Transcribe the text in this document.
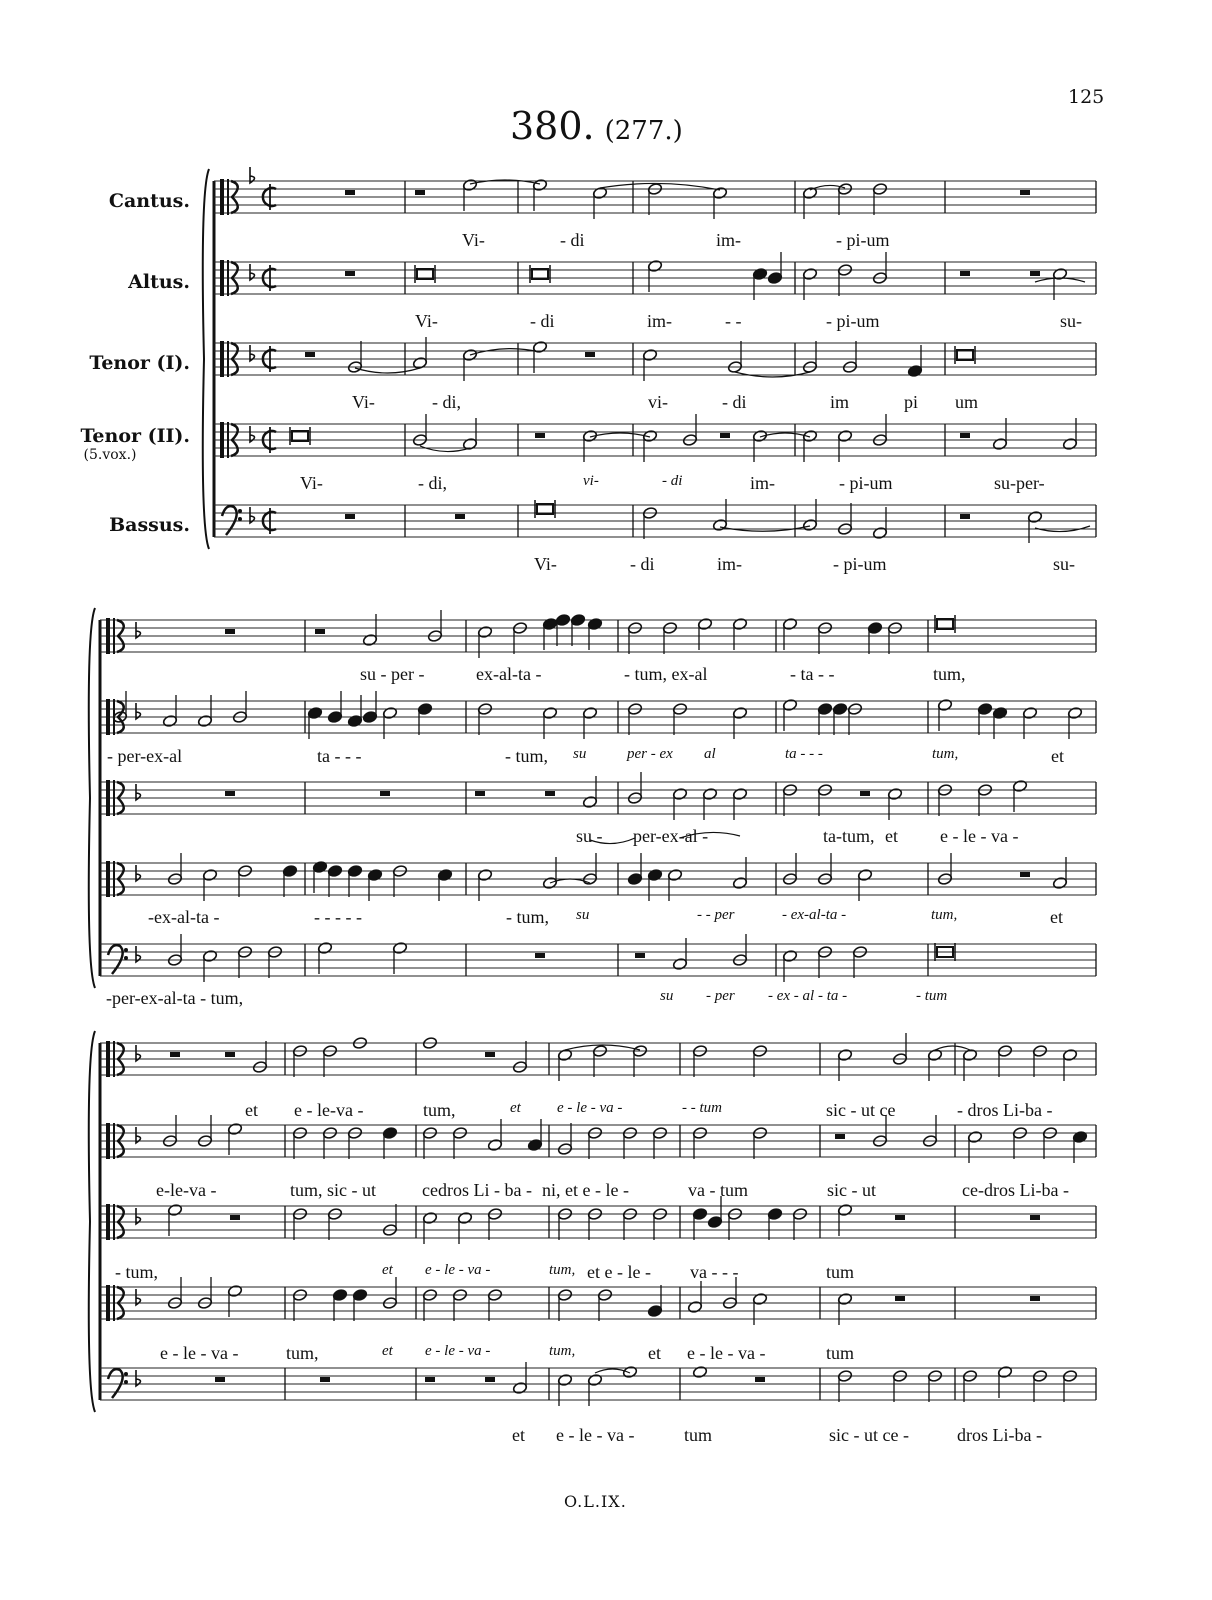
125
380. (277.)
O.L.IX.
Cantus.
Altus.
Tenor (I).
Tenor (II).
(5.vox.)
Bassus.
Vi-	- di	im-	- pi-um
Vi-	- di	im-	- -	- pi-um	su-
Vi-	- di,	vi-	- di	im	pi um
Vi-	- di,	vi-	- di	im-	- pi-um	su-per-
Vi-	- di	im-	- pi-um	su-
su - per -	ex-al-ta -	- tum, ex-al	- ta - -	tum,
- per-ex-al	ta - - -	- tum, su	per - ex al	ta - - -	tum,	et
su - per-ex-al -	ta-tum, et e - le - va -
-ex-al-ta -	- - - - -	- tum, su	- - per	- ex-al-ta -	tum,	et
-per-ex-al-ta - tum,	su - per - ex - al - ta -	- tum
et e - le-va -	tum,	et e - le - va -	- - tum	sic - ut ce	- dros Li-ba -
e-le-va -	tum, sic - ut	cedros Li - ba - ni, et e - le -	va - tum	sic - ut	ce-dros Li-ba -
- tum,	et e - le - va -	tum, et e - le - va - - -	tum
e - le - va -	tum,	et e - le - va -	tum,	et e - le - va -	tum
et e - le - va -	tum	sic - ut ce -	dros Li-ba -
